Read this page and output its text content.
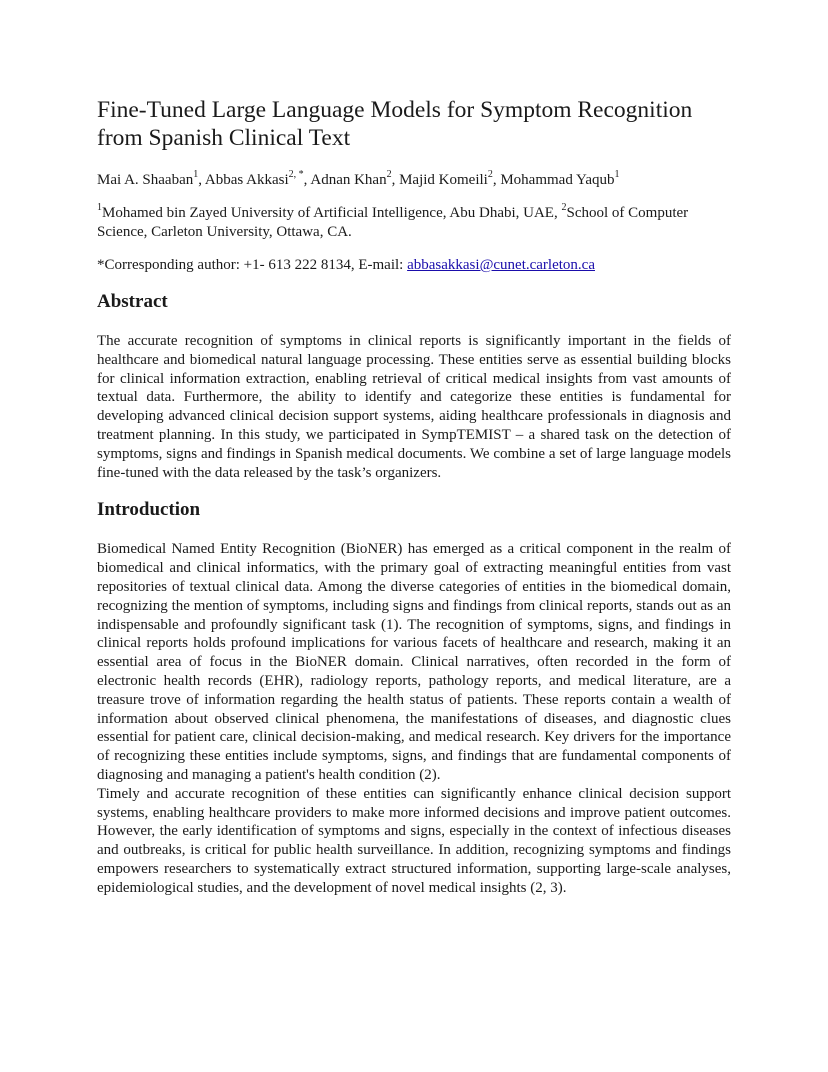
Fine-Tuned Large Language Models for Symptom Recognition from Spanish Clinical Text
Mai A. Shaaban$^1$, Abbas Akkasi$^{2, *}$, Adnan Khan$^2$, Majid Komeili$^2$, Mohammad Yaqub$^1$
$^1$Mohamed bin Zayed University of Artificial Intelligence, Abu Dhabi, UAE, $^2$School of Computer Science, Carleton University, Ottawa, CA.
*Corresponding author: +1- 613 222 8134, E-mail: abbasakkasi@cunet.carleton.ca
Abstract

The accurate recognition of symptoms in clinical reports is significantly important in the fields of healthcare and biomedical natural language processing. These entities serve as essential building blocks for clinical information extraction, enabling retrieval of critical medical insights from vast amounts of textual data. Furthermore, the ability to identify and categorize these entities is fundamental for developing advanced clinical decision support systems, aiding healthcare professionals in diagnosis and treatment planning. In this study, we participated in SympTEMIST – a shared task on the detection of symptoms, signs and findings in Spanish medical documents. We combine a set of large language models fine-tuned with the data released by the task’s organizers.

Introduction

Biomedical Named Entity Recognition (BioNER) has emerged as a critical component in the realm of biomedical and clinical informatics, with the primary goal of extracting meaningful entities from vast repositories of textual clinical data. Among the diverse categories of entities in the biomedical domain, recognizing the mention of symptoms, including signs and findings from clinical reports, stands out as an indispensable and profoundly significant task (1). The recognition of symptoms, signs, and findings in clinical reports holds profound implications for various facets of healthcare and research, making it an essential area of focus in the BioNER domain. Clinical narratives, often recorded in the form of electronic health records (EHR), radiology reports, pathology reports, and medical literature, are a treasure trove of information regarding the health status of patients. These reports contain a wealth of information about observed clinical phenomena, the manifestations of diseases, and diagnostic clues essential for patient care, clinical decision-making, and medical research. Key drivers for the importance of recognizing these entities include symptoms, signs, and findings that are fundamental components of diagnosing and managing a patient's health condition (2).

Timely and accurate recognition of these entities can significantly enhance clinical decision support systems, enabling healthcare providers to make more informed decisions and improve patient outcomes. However, the early identification of symptoms and signs, especially in the context of infectious diseases and outbreaks, is critical for public health surveillance. In addition, recognizing symptoms and findings empowers researchers to systematically extract structured information, supporting large-scale analyses, epidemiological studies, and the development of novel medical insights (2, 3).
